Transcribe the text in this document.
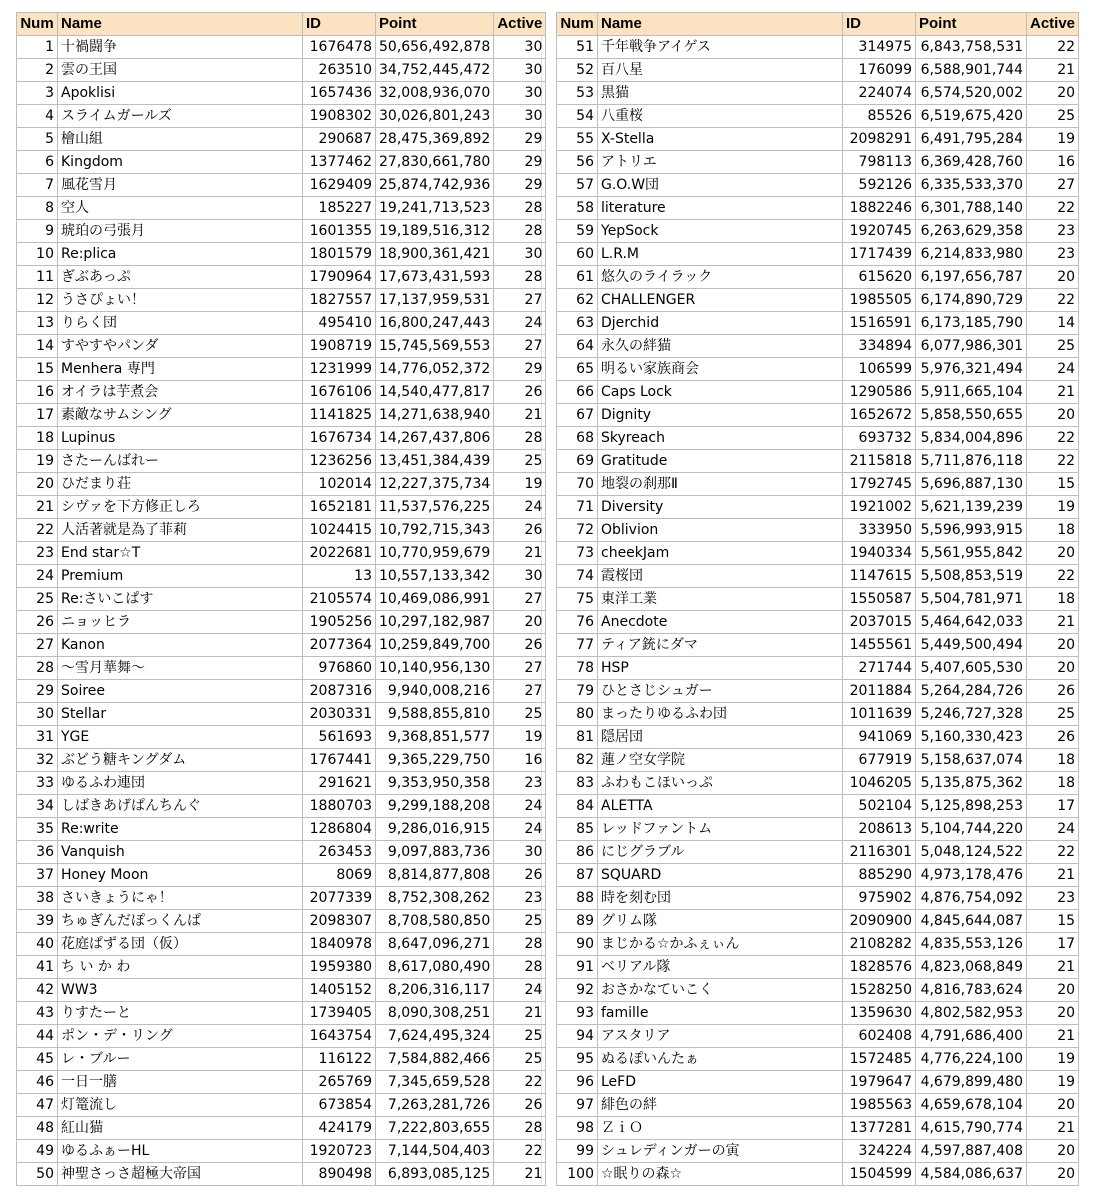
Num	Name	ID	Point	Active
1	十禍闘争	1676478	50,656,492,878	30
2	雲の王国	263510	34,752,445,472	30
3	Apoklisi	1657436	32,008,936,070	30
4	スライムガールズ	1908302	30,026,801,243	30
5	檜山組	290687	28,475,369,892	29
6	Kingdom	1377462	27,830,661,780	29
7	風花雪月	1629409	25,874,742,936	29
8	空人	185227	19,241,713,523	28
9	琥珀の弓張月	1601355	19,189,516,312	28
10	Re:plica	1801579	18,900,361,421	30
11	ぎぶあっぷ	1790964	17,673,431,593	28
12	うさぴょい！	1827557	17,137,959,531	27
13	りらく団	495410	16,800,247,443	24
14	すやすやパンダ	1908719	15,745,569,553	27
15	Menhera 専門	1231999	14,776,052,372	29
16	オイラは芋煮会	1676106	14,540,477,817	26
17	素敵なサムシング	1141825	14,271,638,940	21
18	Lupinus	1676734	14,267,437,806	28
19	さたーんばれー	1236256	13,451,384,439	25
20	ひだまり荘	102014	12,227,375,734	19
21	シヴァを下方修正しろ	1652181	11,537,576,225	24
22	人活著就是為了菲莉	1024415	10,792,715,343	26
23	End star☆T	2022681	10,770,959,679	21
24	Premium	13	10,557,133,342	30
25	Re:さいこぱす	2105574	10,469,086,991	27
26	ニョッヒラ	1905256	10,297,182,987	20
27	Kanon	2077364	10,259,849,700	26
28	～雪月華舞～	976860	10,140,956,130	27
29	Soiree	2087316	9,940,008,216	27
30	Stellar	2030331	9,588,855,810	25
31	YGE	561693	9,368,851,577	19
32	ぶどう糖キングダム	1767441	9,365,229,750	16
33	ゆるふわ連団	291621	9,353,950,358	23
34	しばきあげぱんちんぐ	1880703	9,299,188,208	24
35	Re:write	1286804	9,286,016,915	24
36	Vanquish	263453	9,097,883,736	30
37	Honey Moon	8069	8,814,877,808	26
38	さいきょうにゃ！	2077339	8,752,308,262	23
39	ちゅぎんだぽっくんぱ	2098307	8,708,580,850	25
40	花庭ぱずる団（仮）	1840978	8,647,096,271	28
41	ち い か わ	1959380	8,617,080,490	28
42	WW3	1405152	8,206,316,117	24
43	りすたーと	1739405	8,090,308,251	21
44	ポン・デ・リング	1643754	7,624,495,324	25
45	レ・ブルー	116122	7,584,882,466	25
46	一日一膳	265769	7,345,659,528	22
47	灯篭流し	673854	7,263,281,726	26
48	紅山猫	424179	7,222,803,655	28
49	ゆるふぁーHL	1920723	7,144,504,403	22
50	神聖さっさ超極大帝国	890498	6,893,085,125	21
Num	Name	ID	Point	Active
51	千年戦争アイゲス	314975	6,843,758,531	22
52	百八星	176099	6,588,901,744	21
53	黒猫	224074	6,574,520,002	20
54	八重桜	85526	6,519,675,420	25
55	X-Stella	2098291	6,491,795,284	19
56	アトリエ	798113	6,369,428,760	16
57	G.O.W団	592126	6,335,533,370	27
58	literature	1882246	6,301,788,140	22
59	YepSock	1920745	6,263,629,358	23
60	L.R.M	1717439	6,214,833,980	23
61	悠久のライラック	615620	6,197,656,787	20
62	CHALLENGER	1985505	6,174,890,729	22
63	Djerchid	1516591	6,173,185,790	14
64	永久の絆猫	334894	6,077,986,301	25
65	明るい家族商会	106599	5,976,321,494	24
66	Caps Lock	1290586	5,911,665,104	21
67	Dignity	1652672	5,858,550,655	20
68	Skyreach	693732	5,834,004,896	22
69	Gratitude	2115818	5,711,876,118	22
70	地裂の刹那Ⅱ	1792745	5,696,887,130	15
71	Diversity	1921002	5,621,139,239	19
72	Oblivion	333950	5,596,993,915	18
73	cheekJam	1940334	5,561,955,842	20
74	霞桜団	1147615	5,508,853,519	22
75	東洋工業	1550587	5,504,781,971	18
76	Anecdote	2037015	5,464,642,033	21
77	ティア銃にダマ	1455561	5,449,500,494	20
78	HSP	271744	5,407,605,530	20
79	ひとさじシュガー	2011884	5,264,284,726	26
80	まったりゆるふわ団	1011639	5,246,727,328	25
81	隠居団	941069	5,160,330,423	26
82	蓮ノ空女学院	677919	5,158,637,074	18
83	ふわもこほいっぷ	1046205	5,135,875,362	18
84	ALETTA	502104	5,125,898,253	17
85	レッドファントム	208613	5,104,744,220	24
86	にじグラブル	2116301	5,048,124,522	22
87	SQUARD	885290	4,973,178,476	21
88	時を刻む団	975902	4,876,754,092	23
89	グリム隊	2090900	4,845,644,087	15
90	まじかる☆かふぇぃん	2108282	4,835,553,126	17
91	ベリアル隊	1828576	4,823,068,849	21
92	おさかなていこく	1528250	4,816,783,624	20
93	famille	1359630	4,802,582,953	20
94	アスタリア	602408	4,791,686,400	21
95	ぬるぽいんたぁ	1572485	4,776,224,100	19
96	LeFD	1979647	4,679,899,480	19
97	緋色の絆	1985563	4,659,678,104	20
98	ＺｉＯ	1377281	4,615,790,774	21
99	シュレディンガーの寅	324224	4,597,887,408	20
100	☆眠りの森☆	1504599	4,584,086,637	20
